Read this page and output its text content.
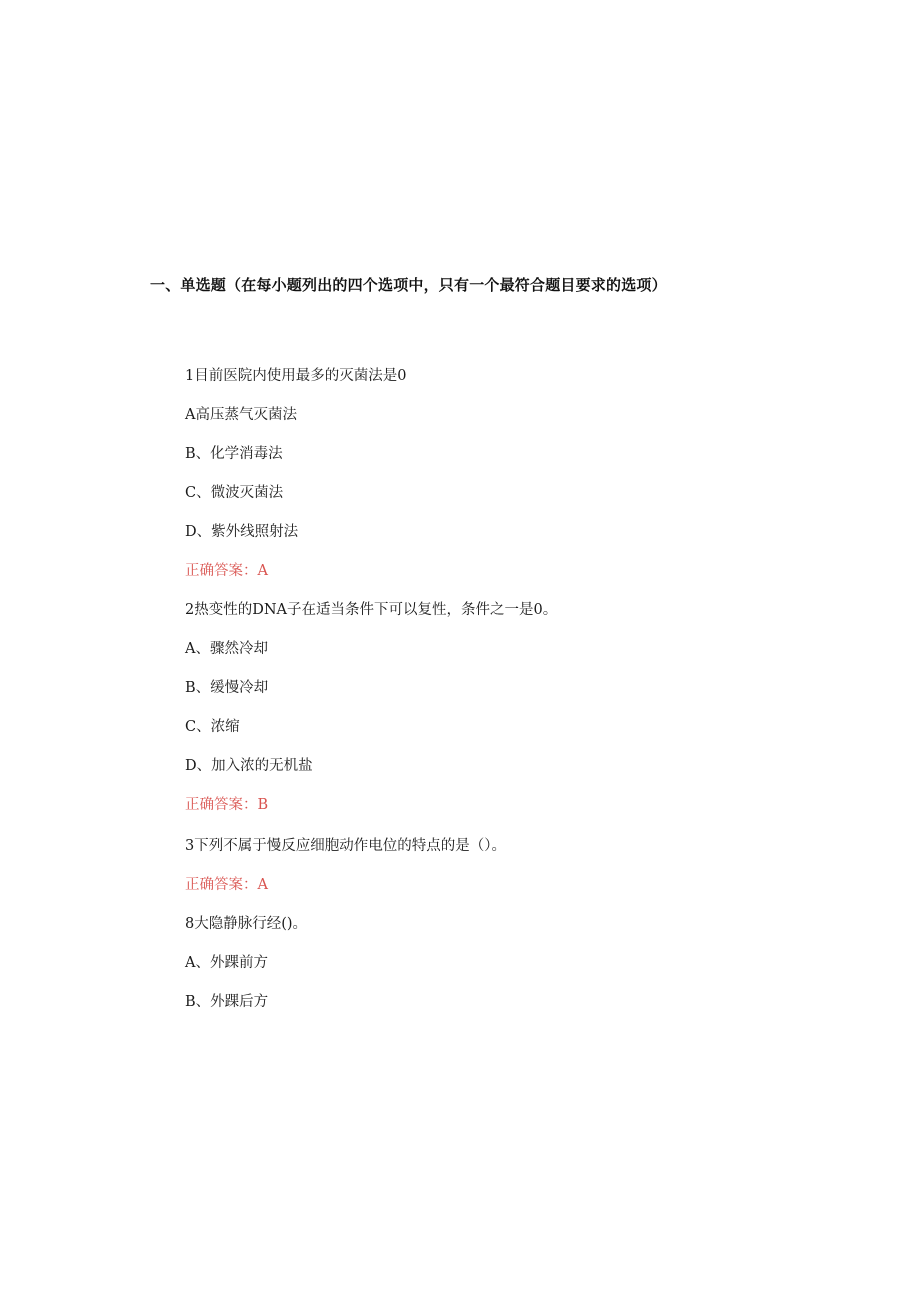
一、单选题（在每小题列出的四个选项中，只有一个最符合题目要求的选项）
1目前医院内使用最多的灭菌法是0
A高压蒸气灭菌法
B、化学消毒法
C、微波灭菌法
D、紫外线照射法
正确答案：A
2热变性的DNA子在适当条件下可以复性，条件之一是0。
A、骤然冷却
B、缓慢冷却
C、浓缩
D、加入浓的无机盐
正确答案：B
3下列不属于慢反应细胞动作电位的特点的是（）。
正确答案：A
8大隐静脉行经()。
A、外踝前方
B、外踝后方
